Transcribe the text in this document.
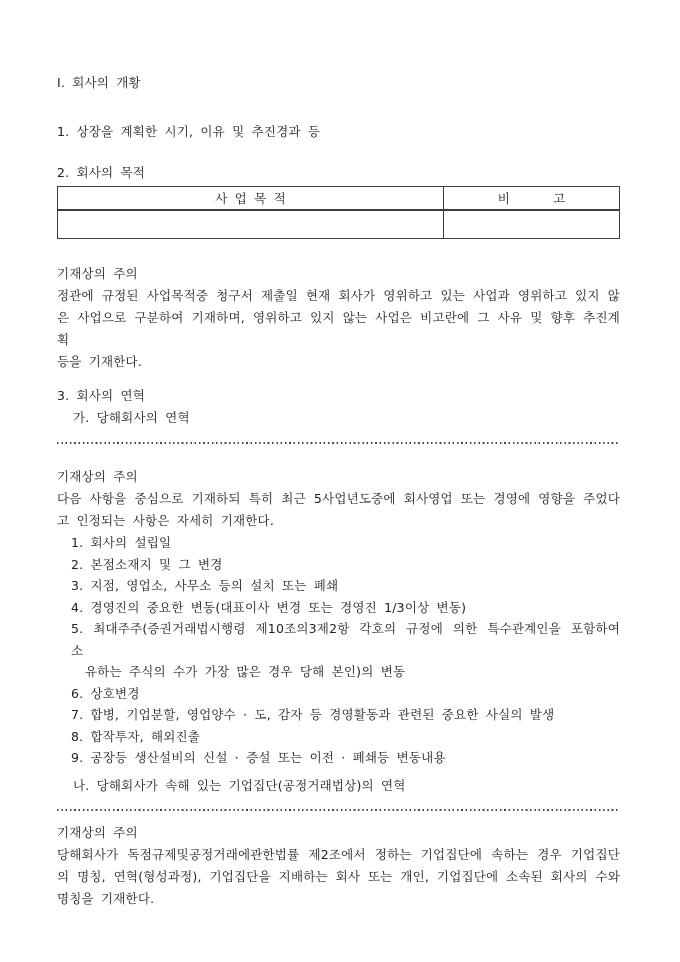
Ⅰ. 회사의 개황
1. 상장을 계획한 시기, 이유 및 추진경과 등
2. 회사의 목적
사 업 목 적	비      고

기재상의 주의
정관에 규정된 사업목적중 청구서 제출일 현재 회사가 영위하고 있는 사업과 영위하고 있지 않
은 사업으로 구분하여 기재하며, 영위하고 있지 않는 사업은 비고란에 그 사유 및 향후 추진계획
등을 기재한다.
3. 회사의 연혁
가. 당해회사의 연혁
기재상의 주의
다음 사항을 중심으로 기재하되 특히 최근 5사업년도중에 회사영업 또는 경영에 영향을 주었다
고 인정되는 사항은 자세히 기재한다.
1. 회사의 설립일
2. 본점소재지 및 그 변경
3. 지점, 영업소, 사무소 등의 설치 또는 폐쇄
4. 경영진의 중요한 변동(대표이사 변경 또는 경영진 1/3이상 변동)
5. 최대주주(증권거래법시행령 제10조의3제2항 각호의 규정에 의한 특수관계인을 포함하여 소
유하는 주식의 수가 가장 많은 경우 당해 본인)의 변동
6. 상호변경
7. 합병, 기업분할, 영업양수 · 도, 감자 등 경영활동과 관련된 중요한 사실의 발생
8. 합작투자, 해외진출
9. 공장등 생산설비의 신설 · 증설 또는 이전 · 폐쇄등 변동내용
나. 당해회사가 속해 있는 기업집단(공정거래법상)의 연혁
기재상의 주의
당해회사가 독점규제및공정거래에관한법률 제2조에서 정하는 기업집단에 속하는 경우 기업집단
의 명칭, 연혁(형성과정), 기업집단을 지배하는 회사 또는 개인, 기업집단에 소속된 회사의 수와
명칭을 기재한다.
